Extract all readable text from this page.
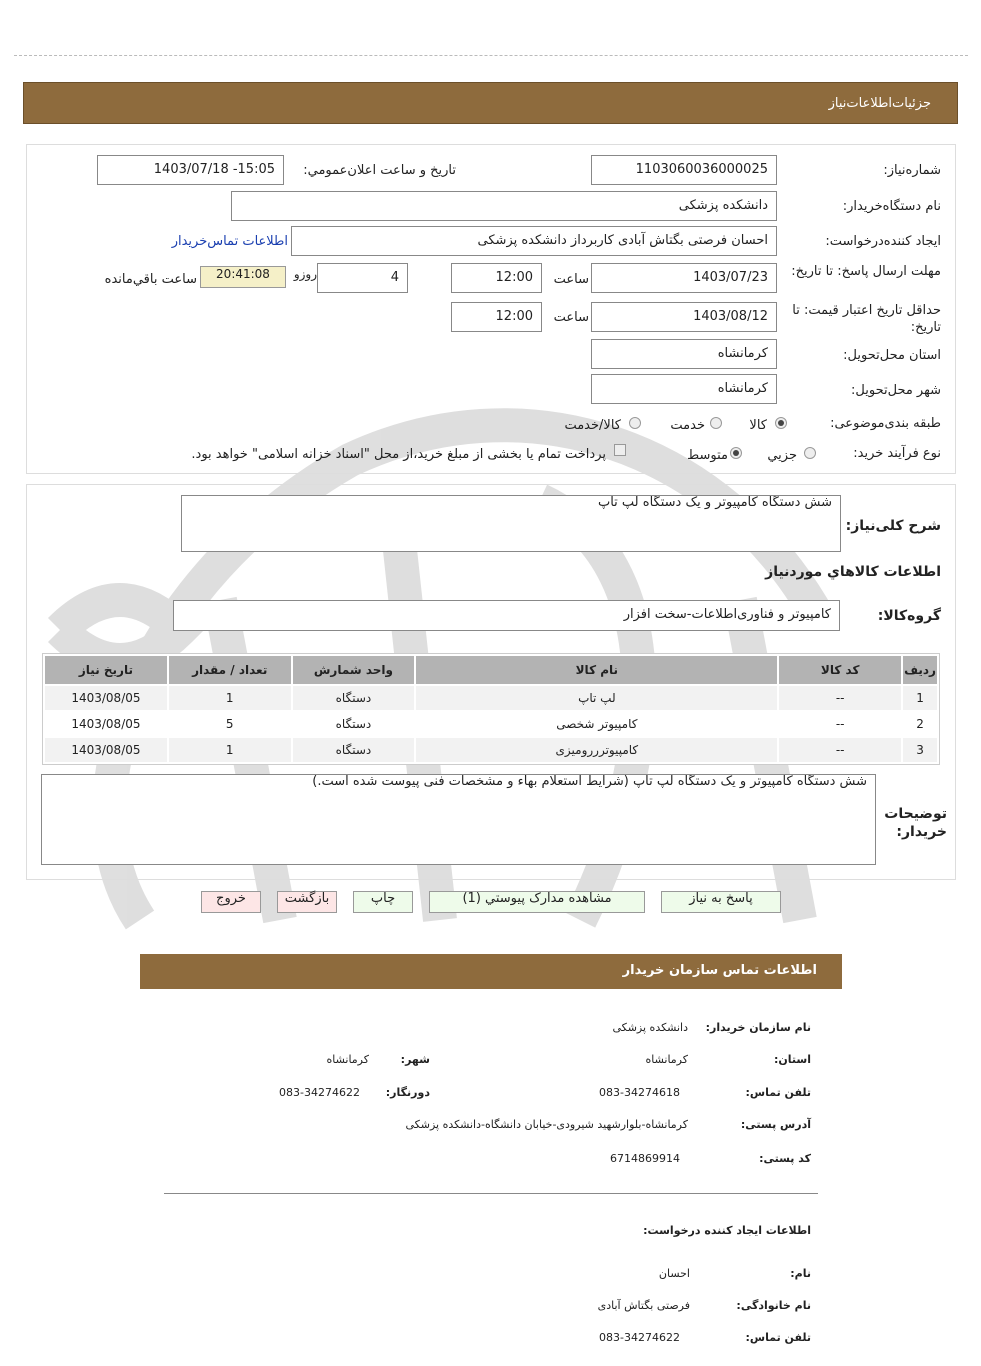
جزئيات‌اطلاعات‌نياز
شماره‌نياز:
1103060036000025
تاريخ و ساعت اعلان‌عمومي:
1403/07/18 -15:05
نام دستگاه‌خريدار:
دانشکده پزشکی
ايجاد کننده‌درخواست:
احسان فرصتی بگتاش آبادی کاربرداز دانشکده پزشکی
اطلاعات تماس‌خريدار
مهلت ارسال پاسخ: تا تاريخ:
1403/07/23
ساعت
12:00
4
روزو
20:41:08
ساعت باقي‌مانده
حداقل تاريخ اعتبار قيمت: تا تاريخ:
1403/08/12
ساعت
12:00
استان محل‌تحويل:
کرمانشاه
شهر محل‌تحويل:
کرمانشاه
طبقه بندی‌موضوعی:
کالا
خدمت
کالا/خدمت
نوع فرآيند خريد:
جزيي
متوسط
پرداخت تمام يا بخشی از مبلغ خريد،از محل "اسناد خزانه اسلامی" خواهد بود.
شرح کلی‌نياز:
شش دستگاه کامپيوتر و يک دستگاه لپ تاپ
اطلاعات کالاهاي مورد‌نياز
گروه‌کالا:
کامپيوتر و فناوری‌اطلاعات-سخت افزار
رديف	کد کالا	نام کالا	واحد شمارش	تعداد / مقدار	تاريخ نياز
1	--	لپ تاپ	دستگاه	1	1403/08/05
2	--	کامپيوتر شخصی	دستگاه	5	1403/08/05
3	--	کامپيوتررروميزی	دستگاه	1	1403/08/05
توضيحات خريدار:
شش دستگاه کامپيوتر و يک دستگاه لپ تاپ (شرايط استعلام بهاء و مشخصات فنی پيوست شده است.)
پاسخ به نياز
مشاهده مدارک پيوستي (1)
چاپ
بازگشت
خروج
اطلاعات تماس سازمان خريدار
نام سازمان خريدار:
دانشکده پزشکی
استان:
کرمانشاه
شهر:
کرمانشاه
تلفن تماس:
083-34274618
دورنگار:
083-34274622
آدرس پستی:
کرمانشاه-بلوارشهيد شيرودی-خيابان دانشگاه-دانشکده پزشکی
کد پستی:
6714869914
اطلاعات ايجاد کننده درخواست:
نام:
احسان
نام خانوادگی:
فرصتی بگتاش آبادی
تلفن تماس:
083-34274622
